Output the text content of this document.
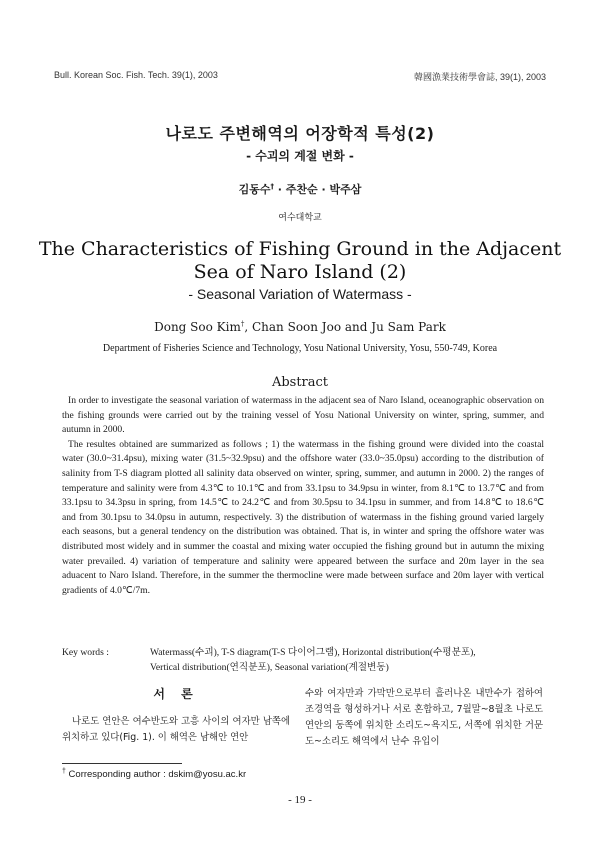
Bull. Korean Soc. Fish. Tech. 39(1), 2003	韓國漁業技術學會誌, 39(1), 2003
나로도 주변해역의 어장학적 특성(2)
- 수괴의 계절 변화 -
김동수† · 주찬순 · 박주삼
여수대학교
The Characteristics of Fishing Ground in the Adjacent
Sea of Naro Island (2)
- Seasonal Variation of Watermass -
Dong Soo Kim†, Chan Soon Joo and Ju Sam Park
Department of Fisheries Science and Technology, Yosu National University, Yosu, 550-749, Korea
Abstract

In order to investigate the seasonal variation of watermass in the adjacent sea of Naro Island, oceanographic observation on the fishing grounds were carried out by the training vessel of Yosu National University on winter, spring, summer, and autumn in 2000.

The resultes obtained are summarized as follows ; 1) the watermass in the fishing ground were divided into the coastal water (30.0~31.4psu), mixing water (31.5~32.9psu) and the offshore water (33.0~35.0psu) according to the distribution of salinity from T-S diagram plotted all salinity data observed on winter, spring, summer, and autumn in 2000. 2) the ranges of temperature and salinity were from 4.3℃ to 10.1℃ and from 33.1psu to 34.9psu in winter, from 8.1℃ to 13.7℃ and from 33.1psu to 34.3psu in spring, from 14.5℃ to 24.2℃ and from 30.5psu to 34.1psu in summer, and from 14.8℃ to 18.6℃ and from 30.1psu to 34.0psu in autumn, respectively. 3) the distribution of watermass in the fishing ground varied largely each seasons, but a general tendency on the distribution was obtained. That is, in winter and spring the offshore water was distributed most widely and in summer the coastal and mixing water occupied the fishing ground but in autumn the mixing water prevailed. 4) variation of temperature and salinity were appeared between the surface and 20m layer in the sea aduacent to Naro Island. Therefore, in the summer the thermocline were made between surface and 20m layer with vertical gradients of 4.0℃/7m.

Key words :	Watermass(수괴), T-S diagram(T-S 다이어그램), Horizontal distribution(수평분포),
Vertical distribution(연직분포), Seasonal variation(계절변동)
서 론

나로도 연안은 여수반도와 고흥 사이의 여자만 남쪽에 위치하고 있다(Fig. 1). 이 해역은 남해안 연안

수와 여자만과 가막만으로부터 흘러나온 내만수가 접하여 조경역을 형성하거나 서로 혼합하고, 7월말~8월초 나로도 연안의 동쪽에 위치한 소리도~욕지도, 서쪽에 위치한 거문도~소리도 해역에서 난수 유입이

† Corresponding author : dskim@yosu.ac.kr
- 19 -
